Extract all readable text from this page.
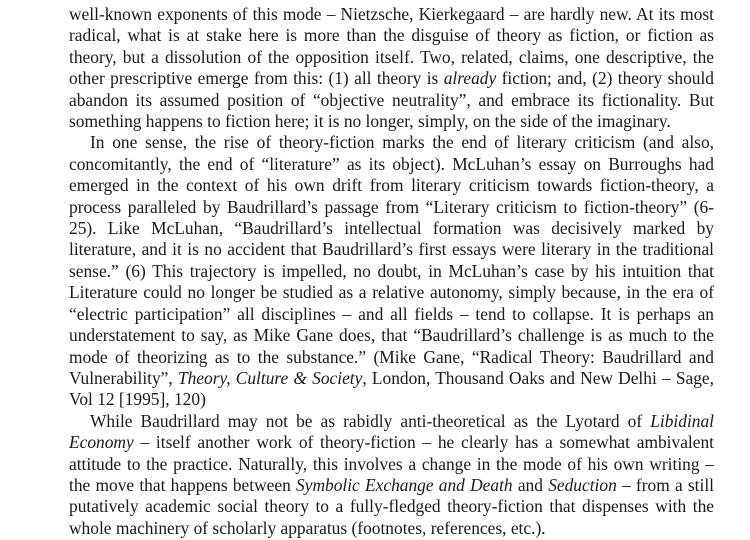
well-known exponents of this mode – Nietzsche, Kierkegaard – are hardly new. At its most radical, what is at stake here is more than the disguise of theory as fiction, or fiction as theory, but a dissolution of the opposition itself. Two, related, claims, one descriptive, the other prescriptive emerge from this: (1) all theory is already fiction; and, (2) theory should abandon its assumed position of “objective neutrality”, and embrace its fictionality. But something happens to fiction here; it is no longer, simply, on the side of the imaginary.

In one sense, the rise of theory-fiction marks the end of literary criticism (and also, concomitantly, the end of “literature” as its object). McLuhan’s essay on Burroughs had emerged in the context of his own drift from literary criticism towards fiction-theory, a process paralleled by Baudrillard’s passage from “Literary criticism to fiction-theory” (6-25). Like McLuhan, “Baudrillard’s intellectual formation was decisively marked by literature, and it is no accident that Baudrillard’s first essays were literary in the traditional sense.” (6) This trajectory is impelled, no doubt, in McLuhan’s case by his intuition that Literature could no longer be studied as a relative autonomy, simply because, in the era of “electric participation” all disciplines – and all fields – tend to collapse. It is perhaps an understatement to say, as Mike Gane does, that “Baudrillard’s challenge is as much to the mode of theorizing as to the substance.” (Mike Gane, “Radical Theory: Baudrillard and Vulnerability”, Theory, Culture & Society, London, Thousand Oaks and New Delhi – Sage, Vol 12 [1995], 120)

While Baudrillard may not be as rabidly anti-theoretical as the Lyotard of Libidinal Economy – itself another work of theory-fiction – he clearly has a somewhat ambivalent attitude to the practice. Naturally, this involves a change in the mode of his own writing – the move that happens between Symbolic Exchange and Death and Seduction – from a still putatively academic social theory to a fully-fledged theory-fiction that dispenses with the whole machinery of scholarly apparatus (footnotes, references, etc.).
